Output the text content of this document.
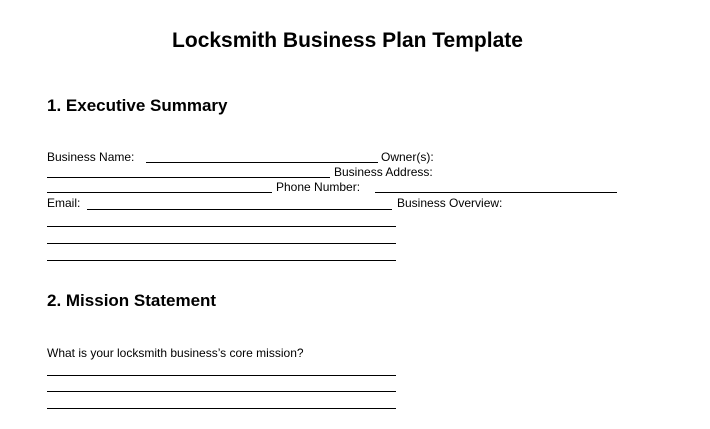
Locksmith Business Plan Template
1. Executive Summary
Business Name:	Owner(s):
Business Address:
Phone Number:
Email:	Business Overview:
2. Mission Statement
What is your locksmith business’s core mission?
